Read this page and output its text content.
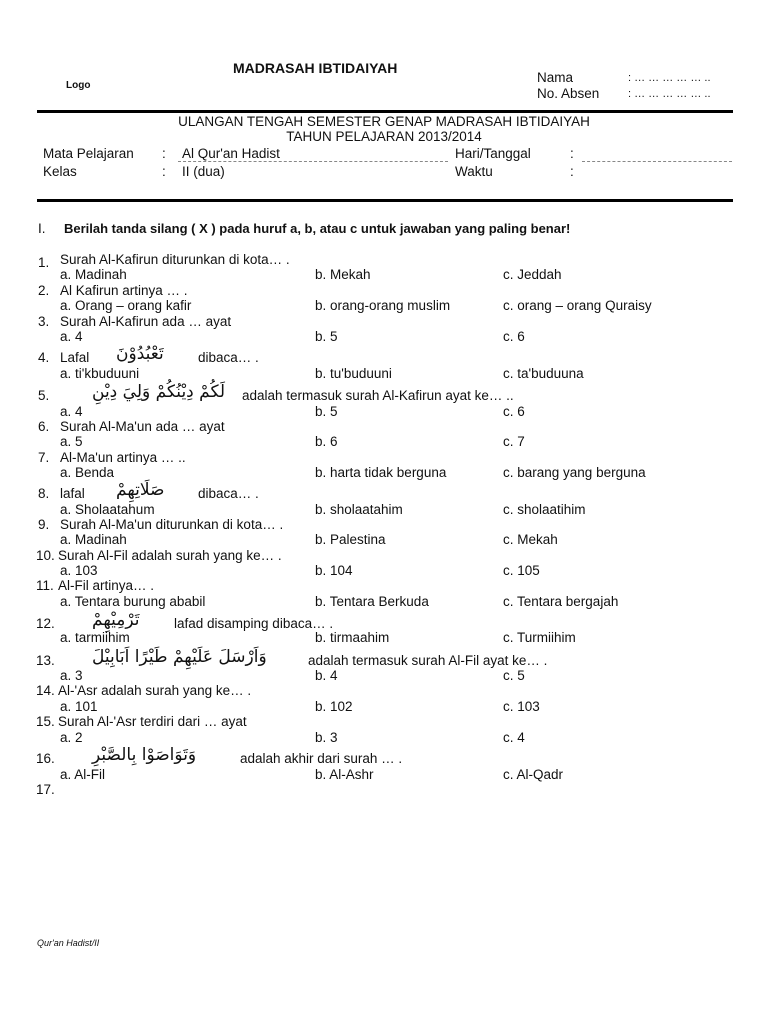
MADRASAH IBTIDAIYAH
Logo
Nama	: … … … … … ..
No. Absen	: … … … … … ..
ULANGAN TENGAH SEMESTER GENAP MADRASAH IBTIDAIYAH
TAHUN PELAJARAN 2013/2014
Mata Pelajaran : Al Qur'an Hadist	Hari/Tanggal	:
Kelas	: II (dua)	Waktu	:
I. Berilah tanda silang ( X ) pada huruf a, b, atau c untuk jawaban yang paling benar!
1. Surah Al-Kafirun diturunkan di kota… .
a. Madinah	b. Mekah	c. Jeddah
2. Al Kafirun artinya … .
a. Orang – orang kafir	b. orang-orang muslim	c. orang – orang Quraisy
3. Surah Al-Kafirun ada … ayat
a. 4	b. 5	c. 6
4. Lafal تَعْبُدُوْنَ	dibaca… .
a. ti'kbuduuni	b. tu'buduuni	c. ta'buduuna
5.	لَكُمْ دِيْنُكُمْ وَلِيَ دِيْنِ adalah termasuk surah Al-Kafirun ayat ke… ..
a. 4	b. 5	c. 6
6. Surah Al-Ma'un ada … ayat
a. 5	b. 6	c. 7
7. Al-Ma'un artinya … ..
a. Benda	b. harta tidak berguna	c. barang yang berguna
8. lafal صَلَاتِهِمْ dibaca… .
a. Sholaatahum	b. sholaatahim	c. sholaatihim
9. Surah Al-Ma'un diturunkan di kota… .
a. Madinah	b. Palestina	c. Mekah
10. Surah Al-Fil adalah surah yang ke… .
a. 103	b. 104	c. 105
11. Al-Fil artinya… .
a. Tentara burung ababil	b. Tentara Berkuda	c. Tentara bergajah
12. تَرْمِيْهِمْ	lafad disamping dibaca… .
a. tarmiihim	b. tirmaahim	c. Turmiihim
13. وَاَرْسَلَ عَلَيْهِمْ طَيْرًا اَبَابِيْلَ	adalah termasuk surah Al-Fil ayat ke… .
a. 3	b. 4	c. 5
14. Al-'Asr adalah surah yang ke… .
a. 101	b. 102	c. 103
15. Surah Al-'Asr terdiri dari … ayat
a. 2	b. 3	c. 4
16. وَتَوَاصَوْا بِالصَّبْرِ	adalah akhir dari surah … .
a. Al-Fil	b. Al-Ashr	c. Al-Qadr
17.
Qur'an Hadist/II
